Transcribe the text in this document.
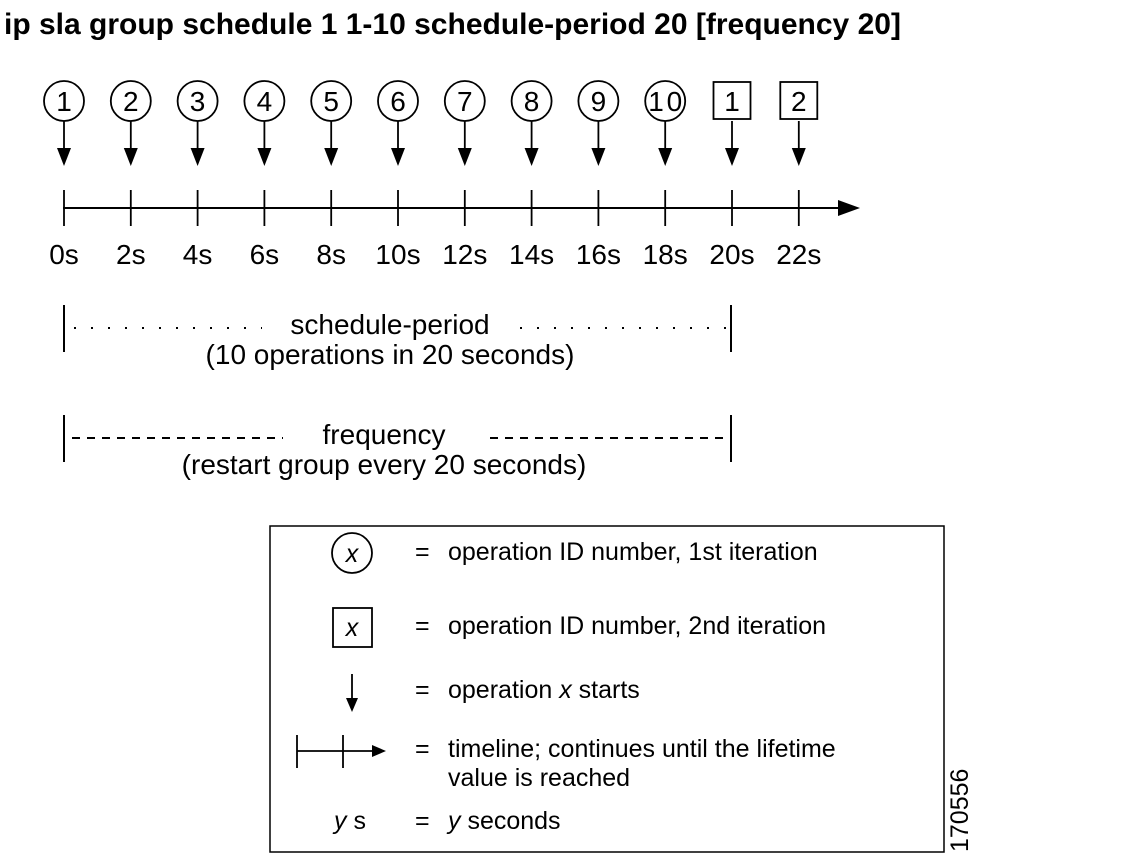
ip sla group schedule 1 1-10 schedule-period 20 [frequency 20]
1 2 3 4 5 6 7 8 9 10 1 2
0s 2s 4s 6s 8s 10s 12s 14s 16s 18s 20s 22s
schedule-period
(10 operations in 20 seconds)
frequency
(restart group every 20 seconds)
x = operation ID number, 1st iteration
x = operation ID number, 2nd iteration
= operation x starts
= timeline; continues until the lifetime
value is reached
y s = y seconds	170556
